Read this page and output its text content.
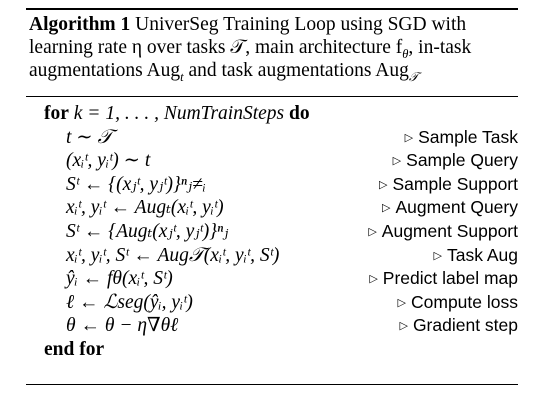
Algorithm 1 UniverSeg Training Loop using SGD with
learning rate η over tasks 𝒯, main architecture $f_\theta$, in-task
augmentations Aug$_t$ and task augmentations Aug$_𝒯$
for k = 1, . . . , NumTrainSteps do
t ∼ 𝒯	▷ Sample Task
(xᵢᵗ, yᵢᵗ) ∼ t	▷ Sample Query
Sᵗ ← {(xⱼᵗ, yⱼᵗ)}ⁿⱼ≠ᵢ	▷ Sample Support
xᵢᵗ, yᵢᵗ ← Augₜ(xᵢᵗ, yᵢᵗ)	▷ Augment Query
Sᵗ ← {Augₜ(xⱼᵗ, yⱼᵗ)}ⁿⱼ	▷ Augment Support
xᵢᵗ, yᵢᵗ, Sᵗ ← Aug𝒯(xᵢᵗ, yᵢᵗ, Sᵗ)	▷ Task Aug
ŷᵢ ← fθ(xᵢᵗ, Sᵗ)	▷ Predict label map
ℓ ← ℒseg(ŷᵢ, yᵢᵗ)	▷ Compute loss
θ ← θ − η∇θℓ	▷ Gradient step
end for
